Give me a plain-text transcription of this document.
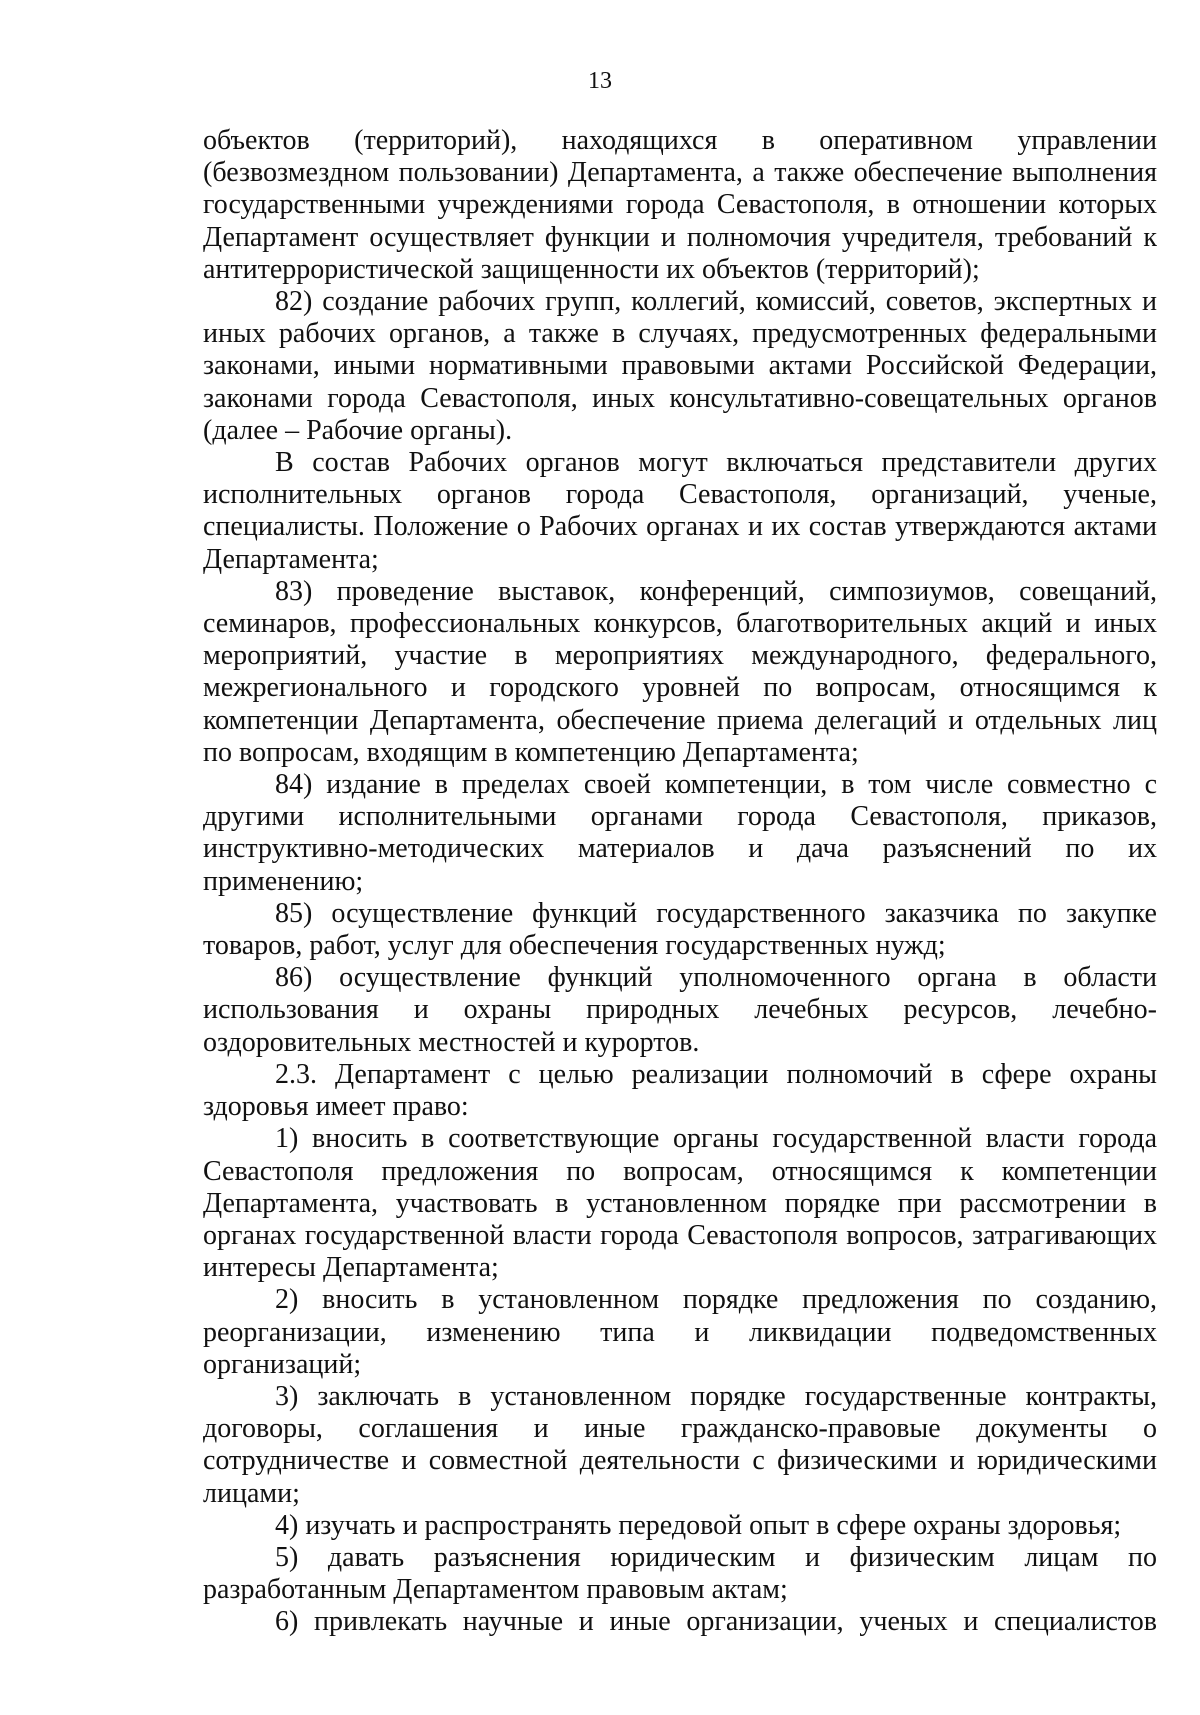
13

объектов (территорий), находящихся в оперативном управлении (безвозмездном пользовании) Департамента, а также обеспечение выполнения государственными учреждениями города Севастополя, в отношении которых Департамент осуществляет функции и полномочия учредителя, требований к антитеррористической защищенности их объектов (территорий);

82) создание рабочих групп, коллегий, комиссий, советов, экспертных и иных рабочих органов, а также в случаях, предусмотренных федеральными законами, иными нормативными правовыми актами Российской Федерации, законами города Севастополя, иных консультативно-совещательных органов (далее – Рабочие органы).

В состав Рабочих органов могут включаться представители других исполнительных органов города Севастополя, организаций, ученые, специалисты. Положение о Рабочих органах и их состав утверждаются актами Департамента;

83) проведение выставок, конференций, симпозиумов, совещаний, семинаров, профессиональных конкурсов, благотворительных акций и иных мероприятий, участие в мероприятиях международного, федерального, межрегионального и городского уровней по вопросам, относящимся к компетенции Департамента, обеспечение приема делегаций и отдельных лиц по вопросам, входящим в компетенцию Департамента;

84) издание в пределах своей компетенции, в том числе совместно с другими исполнительными органами города Севастополя, приказов, инструктивно-методических материалов и дача разъяснений по их применению;

85) осуществление функций государственного заказчика по закупке товаров, работ, услуг для обеспечения государственных нужд;

86) осуществление функций уполномоченного органа в области использования и охраны природных лечебных ресурсов, лечебно-оздоровительных местностей и курортов.

2.3. Департамент с целью реализации полномочий в сфере охраны здоровья имеет право:

1) вносить в соответствующие органы государственной власти города Севастополя предложения по вопросам, относящимся к компетенции Департамента, участвовать в установленном порядке при рассмотрении в органах государственной власти города Севастополя вопросов, затрагивающих интересы Департамента;

2) вносить в установленном порядке предложения по созданию, реорганизации, изменению типа и ликвидации подведомственных организаций;

3) заключать в установленном порядке государственные контракты, договоры, соглашения и иные гражданско-правовые документы о сотрудничестве и совместной деятельности с физическими и юридическими лицами;

4) изучать и распространять передовой опыт в сфере охраны здоровья;

5) давать разъяснения юридическим и физическим лицам по разработанным Департаментом правовым актам;

6) привлекать научные и иные организации, ученых и специалистов
